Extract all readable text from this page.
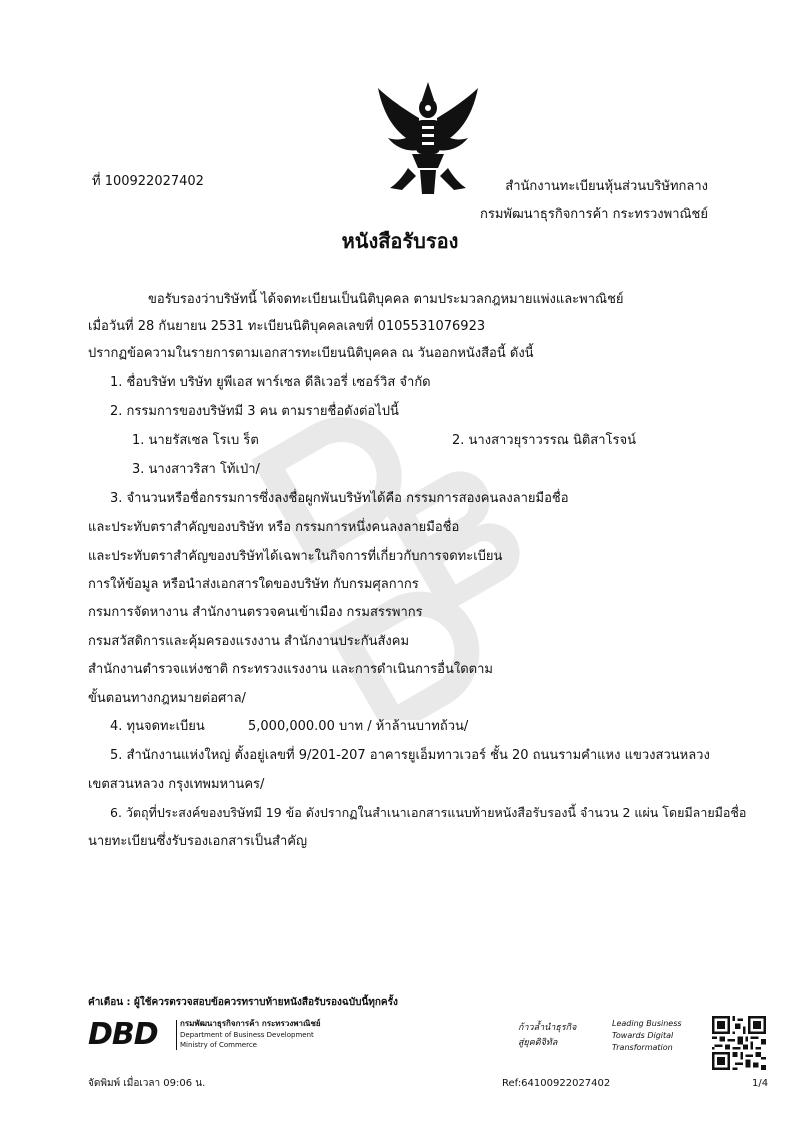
ที่ 100922027402	สำนักงานทะเบียนหุ้นส่วนบริษัทกลาง
กรมพัฒนาธุรกิจการค้า กระทรวงพาณิชย์
หนังสือรับรอง
ขอรับรองว่าบริษัทนี้ ได้จดทะเบียนเป็นนิติบุคคล ตามประมวลกฎหมายแพ่งและพาณิชย์
เมื่อวันที่ 28 กันยายน 2531 ทะเบียนนิติบุคคลเลขที่ 0105531076923
ปรากฏข้อความในรายการตามเอกสารทะเบียนนิติบุคคล ณ วันออกหนังสือนี้ ดังนี้
1. ชื่อบริษัท บริษัท ยูพีเอส พาร์เซล ดีลิเวอรี่ เซอร์วิส จำกัด
2. กรรมการของบริษัทมี 3 คน ตามรายชื่อดังต่อไปนี้
1. นายรัสเซล โรเบ ร็ต	2. นางสาวยุราวรรณ นิติสาโรจน์
3. นางสาวริสา โท้เป่า/
3. จำนวนหรือชื่อกรรมการซึ่งลงชื่อผูกพันบริษัทได้คือ กรรมการสองคนลงลายมือชื่อ
และประทับตราสำคัญของบริษัท หรือ กรรมการหนึ่งคนลงลายมือชื่อ
และประทับตราสำคัญของบริษัทได้เฉพาะในกิจการที่เกี่ยวกับการจดทะเบียน
การให้ข้อมูล หรือนำส่งเอกสารใดของบริษัท กับกรมศุลกากร
กรมการจัดหางาน สำนักงานตรวจคนเข้าเมือง กรมสรรพากร
กรมสวัสดิการและคุ้มครองแรงงาน สำนักงานประกันสังคม
สำนักงานตำรวจแห่งชาติ กระทรวงแรงงาน และการดำเนินการอื่นใดตาม
ขั้นตอนทางกฎหมายต่อศาล/
4. ทุนจดทะเบียน	5,000,000.00 บาท / ห้าล้านบาทถ้วน/
5. สำนักงานแห่งใหญ่ ตั้งอยู่เลขที่ 9/201-207 อาคารยูเอ็มทาวเวอร์ ชั้น 20 ถนนรามคำแหง แขวงสวนหลวง
เขตสวนหลวง กรุงเทพมหานคร/
6. วัตถุที่ประสงค์ของบริษัทมี 19 ข้อ ดังปรากฏในสำเนาเอกสารแนบท้ายหนังสือรับรองนี้ จำนวน 2 แผ่น โดยมีลายมือชื่อ
นายทะเบียนซึ่งรับรองเอกสารเป็นสำคัญ
คำเตือน : ผู้ใช้ควรตรวจสอบข้อควรทราบท้ายหนังสือรับรองฉบับนี้ทุกครั้ง
DBD	กรมพัฒนาธุรกิจการค้า กระทรวงพาณิชย์
Department of Business Development
Ministry of Commerce
ก้าวล้ำนำธุรกิจ
สู่ยุคดิจิทัล
Leading Business
Towards Digital
Transformation
จัดพิมพ์ เมื่อเวลา 09:06 น.	Ref:64100922027402	1/4
